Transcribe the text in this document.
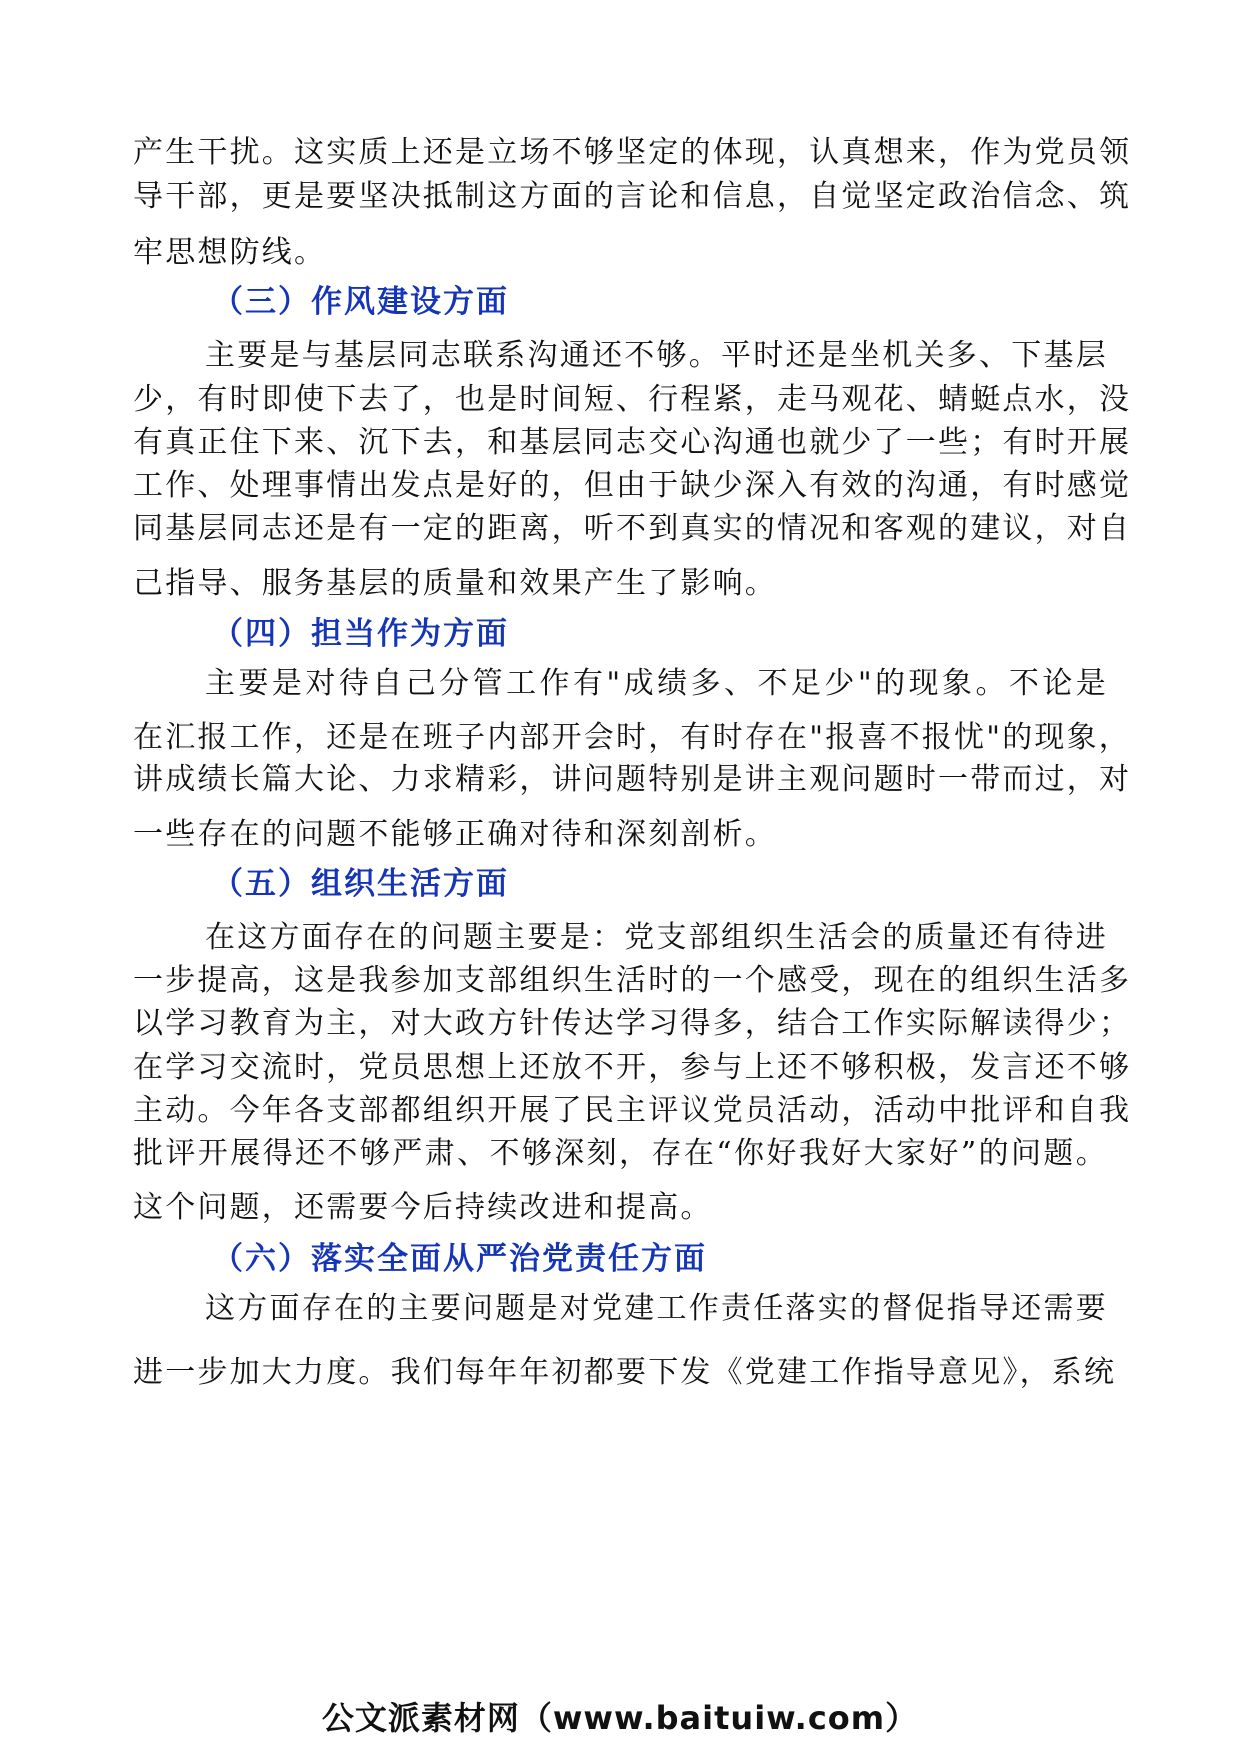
产生干扰。这实质上还是立场不够坚定的体现，认真想来，作为党员领
导干部，更是要坚决抵制这方面的言论和信息，自觉坚定政治信念、筑
牢思想防线。
（三）作风建设方面
主要是与基层同志联系沟通还不够。平时还是坐机关多、下基层
少，有时即使下去了，也是时间短、行程紧，走马观花、蜻蜓点水，没
有真正住下来、沉下去，和基层同志交心沟通也就少了一些；有时开展
工作、处理事情出发点是好的，但由于缺少深入有效的沟通，有时感觉
同基层同志还是有一定的距离，听不到真实的情况和客观的建议，对自
己指导、服务基层的质量和效果产生了影响。
（四）担当作为方面
主要是对待自己分管工作有"成绩多、不足少"的现象。不论是
在汇报工作，还是在班子内部开会时，有时存在"报喜不报忧"的现象，
讲成绩长篇大论、力求精彩，讲问题特别是讲主观问题时一带而过，对
一些存在的问题不能够正确对待和深刻剖析。
（五）组织生活方面
在这方面存在的问题主要是：党支部组织生活会的质量还有待进
一步提高，这是我参加支部组织生活时的一个感受，现在的组织生活多
以学习教育为主，对大政方针传达学习得多，结合工作实际解读得少；
在学习交流时，党员思想上还放不开，参与上还不够积极，发言还不够
主动。今年各支部都组织开展了民主评议党员活动，活动中批评和自我
批评开展得还不够严肃、不够深刻，存在“你好我好大家好”的问题。
这个问题，还需要今后持续改进和提高。
（六）落实全面从严治党责任方面
这方面存在的主要问题是对党建工作责任落实的督促指导还需要
进一步加大力度。我们每年年初都要下发《党建工作指导意见》，系统
公文派素材网（www.baituiw.com）
